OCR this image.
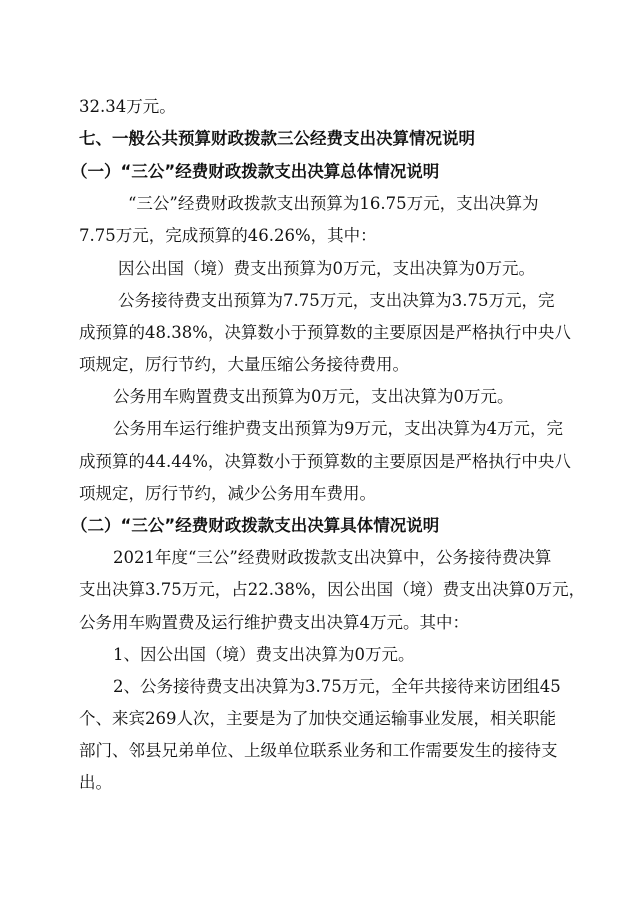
32.34万元。
七、一般公共预算财政拨款三公经费支出决算情况说明
（一）“三公”经费财政拨款支出决算总体情况说明
“三公”经费财政拨款支出预算为16.75万元，支出决算为
7.75万元，完成预算的46.26%，其中：
因公出国（境）费支出预算为0万元，支出决算为0万元。
公务接待费支出预算为7.75万元，支出决算为3.75万元，完
成预算的48.38%，决算数小于预算数的主要原因是严格执行中央八
项规定，厉行节约，大量压缩公务接待费用。
公务用车购置费支出预算为0万元，支出决算为0万元。
公务用车运行维护费支出预算为9万元，支出决算为4万元，完
成预算的44.44%，决算数小于预算数的主要原因是严格执行中央八
项规定，厉行节约，减少公务用车费用。
（二）“三公”经费财政拨款支出决算具体情况说明
2021年度“三公”经费财政拨款支出决算中，公务接待费决算
支出决算3.75万元，占22.38%，因公出国（境）费支出决算0万元，
公务用车购置费及运行维护费支出决算4万元。其中：
1、因公出国（境）费支出决算为0万元。
2、公务接待费支出决算为3.75万元，全年共接待来访团组45
个、来宾269人次，主要是为了加快交通运输事业发展，相关职能
部门、邻县兄弟单位、上级单位联系业务和工作需要发生的接待支
出。
